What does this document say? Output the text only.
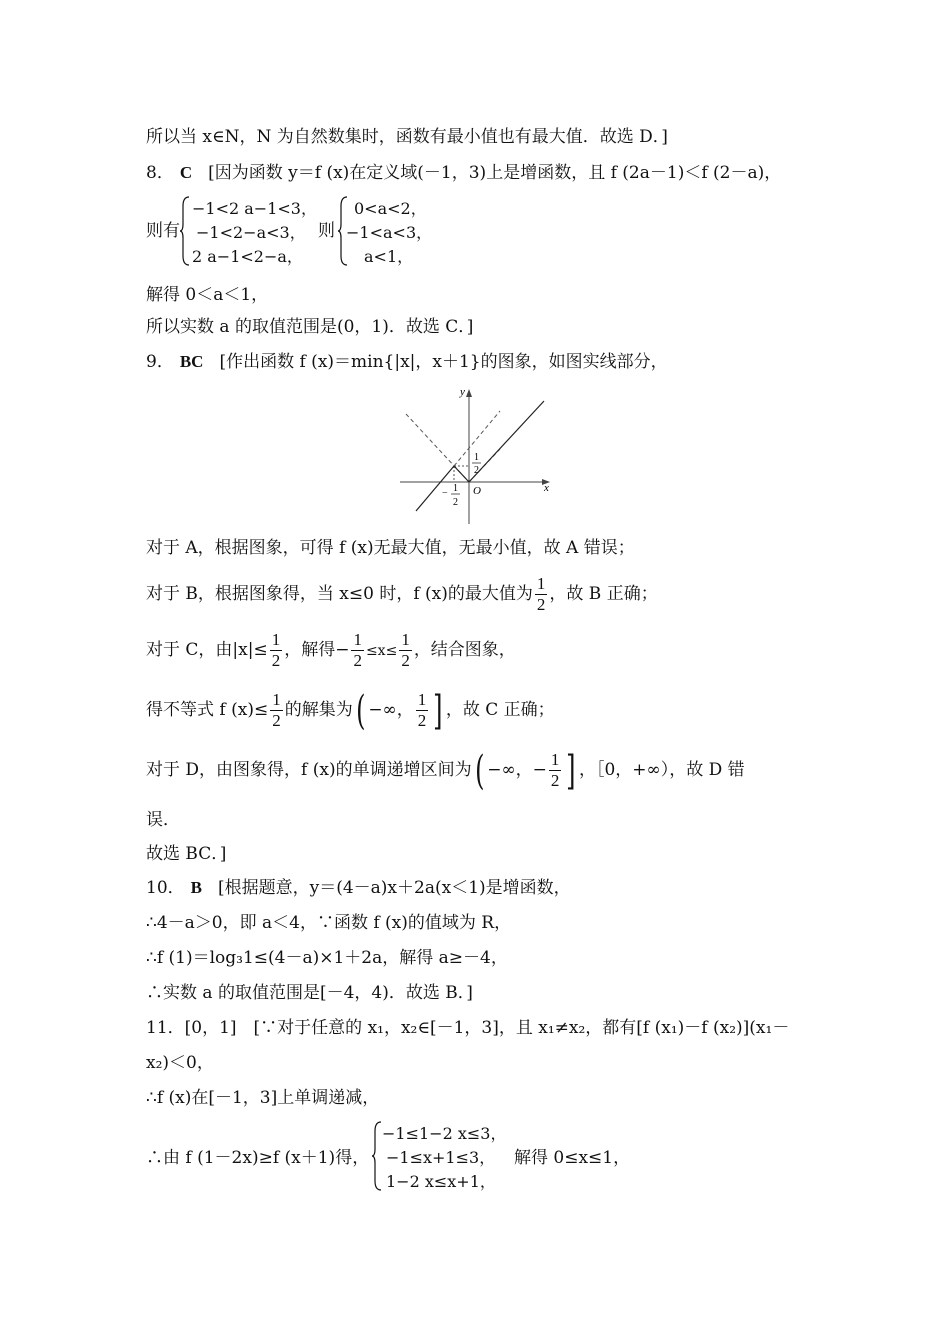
所以当 x∈N，N 为自然数集时，函数有最小值也有最大值．故选 D．]
8． C [因为函数 y＝f (x)在定义域(－1，3)上是增函数，且 f (2a－1)＜f (2－a)，
则有
−1<2 a−1<3，
−1<2−a<3，
2 a−1<2−a，
则
0<a<2，
−1<a<3，
a<1，
解得 0＜a＜1，
所以实数 a 的取值范围是(0，1)．故选 C．]
9． BC [作出函数 f (x)＝min{|x|，x＋1}的图象，如图实线部分，
y
x
O
1
2
− 1
2
对于 A，根据图象，可得 f (x)无最大值，无最小值，故 A 错误；
对于 B，根据图象得，当 x≤0 时，f (x)的最大值为 $\frac{1}{2}$ ，故 B 正确；
对于 C，由$|x|\le \frac{1}{2}$ ，解得− $\frac{1}{2} \le x\le \frac{1}{2}$ ，结合图象，
得不等式 f $(x)\le \frac{1}{2}$ 的解集为( −∞， $\frac{1}{2}$ ] ，故 C 正确；
对于 D，由图象得，f (x)的单调递增区间为( −∞，− $\frac{1}{2}$ ] ，［0，+∞），故 D 错
误．
故选 BC．]
10． B [根据题意，y＝(4－a)x＋2a(x＜1)是增函数，
∴4－a＞0，即 a＜4，∵函数 f (x)的值域为 R，
∴f (1)＝log₃1≤(4－a)×1＋2a，解得 a≥－4，
∴实数 a 的取值范围是[－4，4)．故选 B．]
11．[0，1]　[∵对于任意的 x₁，x₂∈[－1，3]，且 x₁≠x₂，都有[f (x₁)－f (x₂)](x₁－
x₂)＜0，
∴f (x)在[－1，3]上单调递减，
∴由 f (1－2x)≥f (x＋1)得，
−1≤1−2 x≤3，
−1≤x+1≤3，
1−2 x≤x+1，
解得 0≤x≤1，
